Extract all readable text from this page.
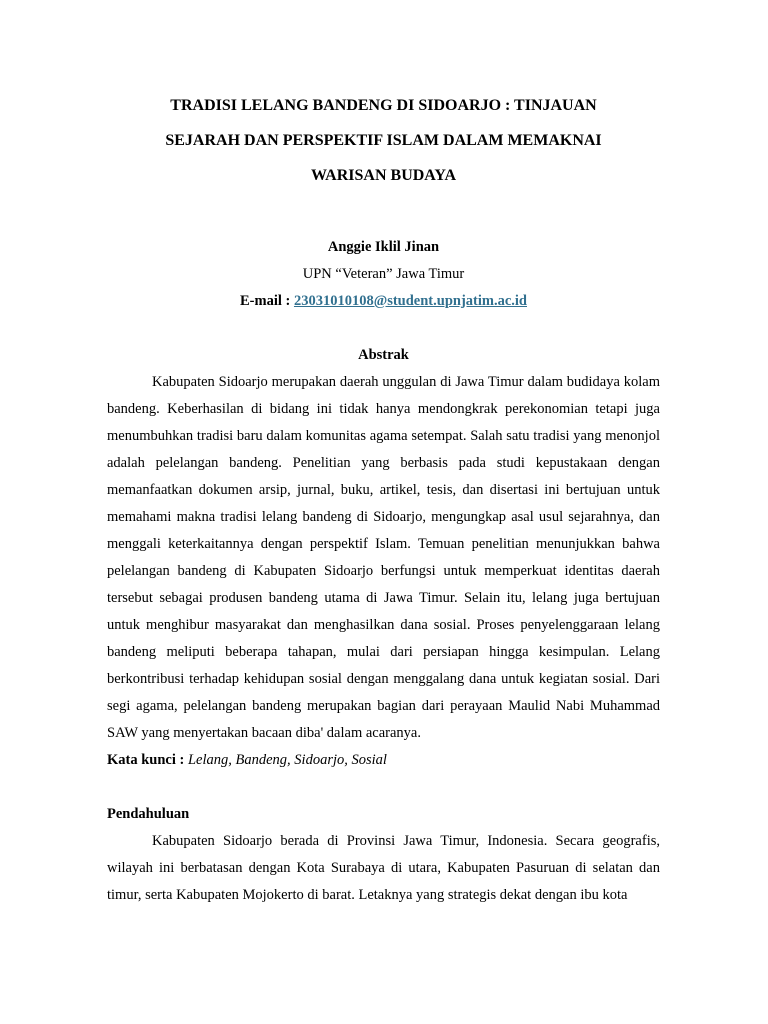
TRADISI LELANG BANDENG DI SIDOARJO : TINJAUAN
SEJARAH DAN PERSPEKTIF ISLAM DALAM MEMAKNAI
WARISAN BUDAYA
Anggie Iklil Jinan
UPN “Veteran” Jawa Timur
E-mail : 23031010108@student.upnjatim.ac.id
Abstrak

Kabupaten Sidoarjo merupakan daerah unggulan di Jawa Timur dalam budidaya kolam bandeng. Keberhasilan di bidang ini tidak hanya mendongkrak perekonomian tetapi juga menumbuhkan tradisi baru dalam komunitas agama setempat. Salah satu tradisi yang menonjol adalah pelelangan bandeng. Penelitian yang berbasis pada studi kepustakaan dengan memanfaatkan dokumen arsip, jurnal, buku, artikel, tesis, dan disertasi ini bertujuan untuk memahami makna tradisi lelang bandeng di Sidoarjo, mengungkap asal usul sejarahnya, dan menggali keterkaitannya dengan perspektif Islam. Temuan penelitian menunjukkan bahwa pelelangan bandeng di Kabupaten Sidoarjo berfungsi untuk memperkuat identitas daerah tersebut sebagai produsen bandeng utama di Jawa Timur. Selain itu, lelang juga bertujuan untuk menghibur masyarakat dan menghasilkan dana sosial. Proses penyelenggaraan lelang bandeng meliputi beberapa tahapan, mulai dari persiapan hingga kesimpulan. Lelang berkontribusi terhadap kehidupan sosial dengan menggalang dana untuk kegiatan sosial. Dari segi agama, pelelangan bandeng merupakan bagian dari perayaan Maulid Nabi Muhammad SAW yang menyertakan bacaan diba' dalam acaranya.

Kata kunci : Lelang, Bandeng, Sidoarjo, Sosial

Pendahuluan

Kabupaten Sidoarjo berada di Provinsi Jawa Timur, Indonesia. Secara geografis, wilayah ini berbatasan dengan Kota Surabaya di utara, Kabupaten Pasuruan di selatan dan timur, serta Kabupaten Mojokerto di barat. Letaknya yang strategis dekat dengan ibu kota
